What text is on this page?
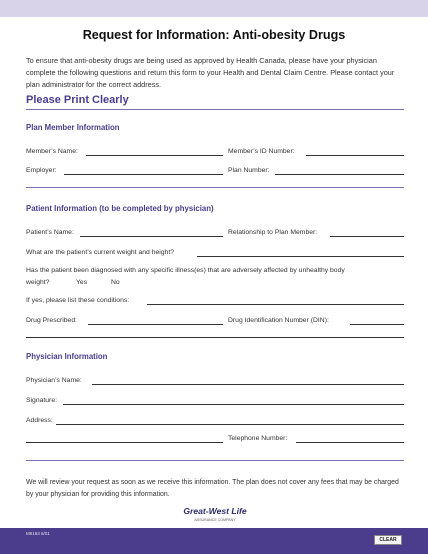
Request for Information: Anti-obesity Drugs
To ensure that anti-obesity drugs are being used as approved by Health Canada, please have your physician complete the following questions and return this form to your Health and Dental Claim Centre. Please contact your plan administrator for the correct address.
Please Print Clearly
Plan Member Information
Member’s Name:	Member’s ID Number:
Employer:	Plan Number:
Patient Information (to be completed by physician)
Patient’s Name:	Relationship to Plan Member:
What are the patient’s current weight and height?
Has the patient been diagnosed with any specific illness(es) that are adversely affected by unhealthy body
weight?	Yes	No
If yes, please list these conditions:
Drug Prescribed:	Drug Identification Number (DIN):
Physician Information
Physician’s Name:
Signature:
Address:
Telephone Number:
We will review your request as soon as we receive this information. The plan does not cover any fees that may be charged by your physician for providing this information.
Great-West Life
ASSURANCE COMPANY
M6163 6/01
CLEAR
